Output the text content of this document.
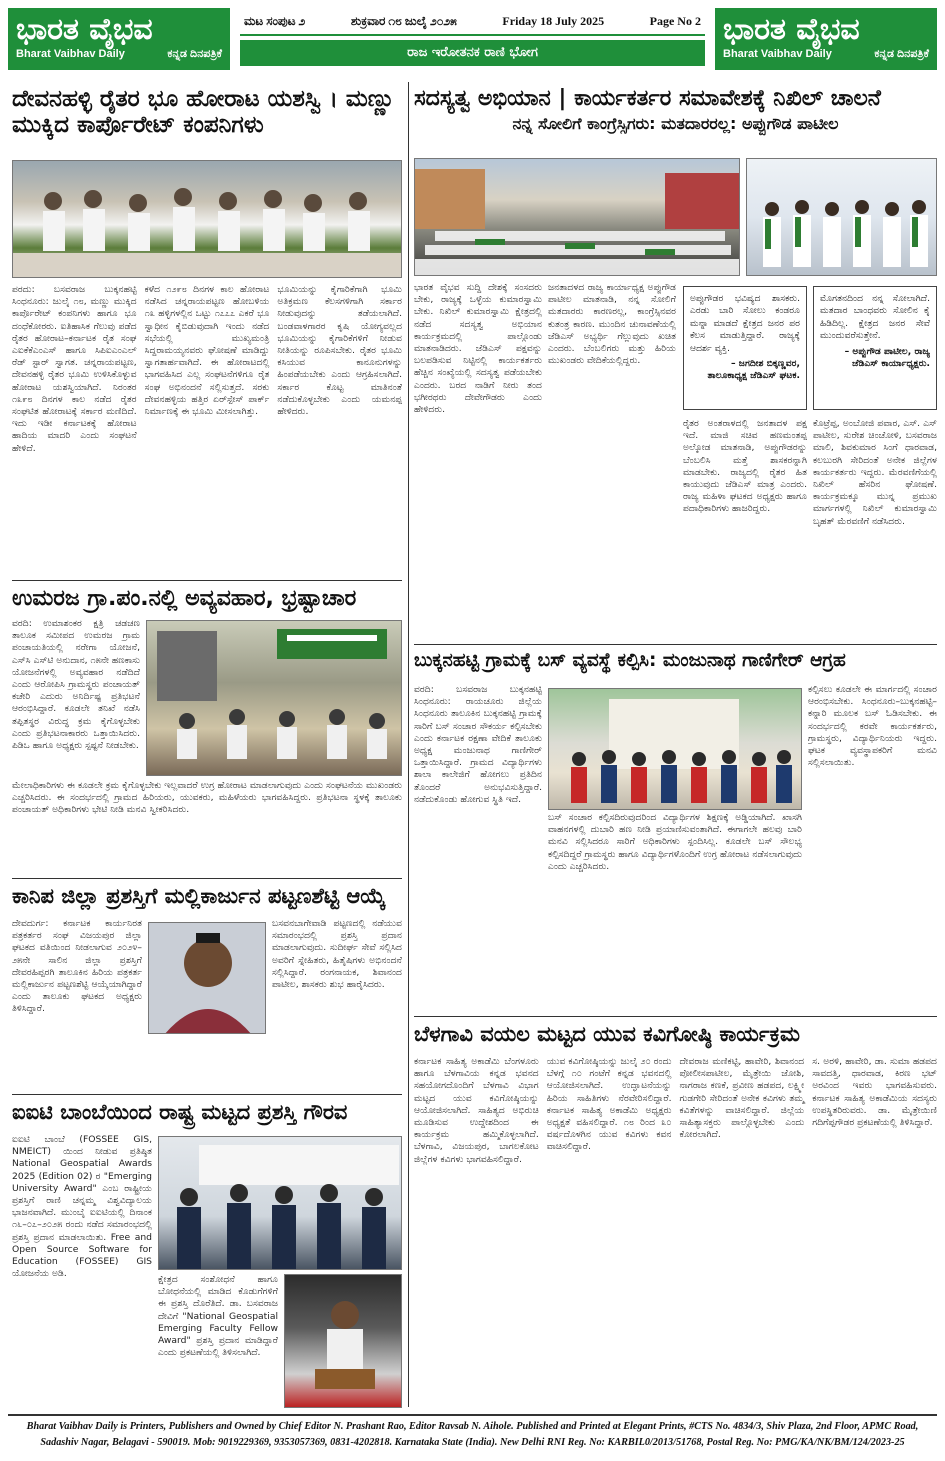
ಭಾರತ ವೈಭವ
Bharat Vaibhav Daily	ಕನ್ನಡ ದಿನಪತ್ರಿಕೆ
ಮಟ ಸಂಪುಟ ೨	ಶುಕ್ರವಾರ ೧೮ ಜುಲೈ ೨೦೨೫	Friday 18 July 2025	Page No 2
ರಾಜ ಇರೋತನಕ ರಾಣಿ ಭೋಗ
ಭಾರತ ವೈಭವ
Bharat Vaibhav Daily	ಕನ್ನಡ ದಿನಪತ್ರಿಕೆ
ದೇವನಹಳ್ಳಿ ರೈತರ ಭೂ ಹೋರಾಟ ಯಶಸ್ವಿ । ಮಣ್ಣು ಮುಕ್ಕಿದ ಕಾರ್ಪೊರೇಟ್ ಕಂಪನಿಗಳು
ಪರದು: ಬಸವರಾಜ ಬುಕ್ಕನಹಟ್ಟಿ ಸಿಂಧನೂರು: ಜುಲೈ ೧೮, ಮಣ್ಣು ಮುಕ್ಕಿದ ಕಾರ್ಪೊರೇಟ್ ಕಂಪನಿಗಳು ಹಾಗೂ ಭೂ ದಂಧೆಕೋರರು. ಐತಿಹಾಸಿಕ ಗೆಲುವು ಪಡೆದ ರೈತರ ಹೋರಾಟ–ಕರ್ನಾಟಕ ರೈತ ಸಂಘ ಎಐಕೆಕೆಎಂಎಸ್ ಹಾಗೂ ಸಿಪಿಐಎಂಎಲ್ ರೆಡ್ ಸ್ಟಾರ್ ಸ್ವಾಗತ. ಚನ್ನರಾಯಪಟ್ಟಣ, ದೇವನಹಳ್ಳಿ ರೈತರ ಭೂಮಿ ಉಳಿಸಿಕೊಳ್ಳುವ ಹೋರಾಟ ಯಶಸ್ವಿಯಾಗಿದೆ. ನಿರಂತರ ೧೩೯೮ ದಿನಗಳ ಕಾಲ ನಡೆದ ರೈತರ ಸಂಘಟಿತ ಹೋರಾಟಕ್ಕೆ ಸರ್ಕಾರ ಮಣಿದಿದೆ. ಇದು ಇಡೀ ಕರ್ನಾಟಕಕ್ಕೆ ಹೋರಾಟ ಹಾದಿಯ ಮಾದರಿ ಎಂದು ಸಂಘಟನೆ ಹೇಳಿದೆ.
ಕಳೆದ ೧೨೯೮ ದಿನಗಳ ಕಾಲ ಹೋರಾಟ ನಡೆಸಿದ ಚನ್ನರಾಯಪಟ್ಟಣ ಹೋಬಳಿಯ ೧೩ ಹಳ್ಳಿಗಳಲ್ಲಿನ ಒಟ್ಟು ೧೭೭೭ ಎಕರೆ ಭೂ ಸ್ವಾಧೀನ ಕೈಬಿಡುವುದಾಗಿ ಇಂದು ನಡೆದ ಸಭೆಯಲ್ಲಿ ಮುಖ್ಯಮಂತ್ರಿ ಸಿದ್ದರಾಮಯ್ಯನವರು ಘೋಷಣೆ ಮಾಡಿದ್ದು ಸ್ವಾಗತಾರ್ಹವಾಗಿದೆ. ಈ ಹೋರಾಟದಲ್ಲಿ ಭಾಗವಹಿಸಿದ ಎಲ್ಲ ಸಂಘಟನೆಗಳಿಗೂ ರೈತ ಸಂಘ ಅಭಿನಂದನೆ ಸಲ್ಲಿಸುತ್ತದೆ. ಸರಕು ದೇವನಹಳ್ಳಿಯ ಹತ್ತಿರ ಏರ್‌ಸ್ಪೇಸ್ ಪಾರ್ಕ್ ನಿರ್ಮಾಣಕ್ಕೆ ಈ ಭೂಮಿ ಮೀಸಲಾಗಿತ್ತು.
ಭೂಮಿಯನ್ನು ಕೈಗಾರಿಕೆಗಾಗಿ ಭೂಮಿ ಅತಿಕ್ರಮಣ ಕೆಲಸಗಳಿಗಾಗಿ ಸರ್ಕಾರ ನೀಡುವುದನ್ನು ತಡೆಯಲಾಗಿದೆ. ಬಂಡವಾಳಗಾರರ ಕೃಷಿ ಯೋಗ್ಯವಲ್ಲದ ಭೂಮಿಯನ್ನು ಕೈಗಾರಿಕೆಗಳಿಗೆ ನೀಡುವ ನೀತಿಯನ್ನು ರೂಪಿಸಬೇಕು. ರೈತರ ಭೂಮಿ ಕಸಿಯುವ ಕಾನೂನುಗಳನ್ನು ಹಿಂಪಡೆಯಬೇಕು ಎಂದು ಆಗ್ರಹಿಸಲಾಗಿದೆ. ಸರ್ಕಾರ ಕೊಟ್ಟ ಮಾತಿನಂತೆ ನಡೆದುಕೊಳ್ಳಬೇಕು ಎಂದು ಯಮನಪ್ಪ ಹೇಳಿದರು.
ಉಮರಜ ಗ್ರಾ.ಪಂ.ನಲ್ಲಿ ಅವ್ಯವಹಾರ, ಭ್ರಷ್ಟಾಚಾರ
ವರದಿ: ಉಮಾಶಂಕರ ಕ್ಷತ್ರಿ ಚಡಚಣ ತಾಲೂಕ ಸಮೀಪದ ಉಮರಜ ಗ್ರಾಮ ಪಂಚಾಯತಿಯಲ್ಲಿ ನರೇಗಾ ಯೋಜನೆ, ಎಸ್‌ಸಿ ಎಸ್‌ಟಿ ಅನುದಾನ, ೧೫ನೇ ಹಣಕಾಸು ಯೋಜನೆಗಳಲ್ಲಿ ಅವ್ಯವಹಾರ ನಡೆದಿದೆ ಎಂದು ಆರೋಪಿಸಿ ಗ್ರಾಮಸ್ಥರು ಪಂಚಾಯತ್ ಕಚೇರಿ ಎದುರು ಅನಿರ್ದಿಷ್ಟ ಪ್ರತಿಭಟನೆ ಆರಂಭಿಸಿದ್ದಾರೆ. ಕೂಡಲೇ ತನಿಖೆ ನಡೆಸಿ ತಪ್ಪಿತಸ್ಥರ ವಿರುದ್ಧ ಕ್ರಮ ಕೈಗೊಳ್ಳಬೇಕು ಎಂದು ಪ್ರತಿಭಟನಾಕಾರರು ಒತ್ತಾಯಿಸಿದರು. ಪಿಡಿಒ ಹಾಗೂ ಅಧ್ಯಕ್ಷರು ಸ್ಪಷ್ಟನೆ ನೀಡಬೇಕು.
ಮೇಲಾಧಿಕಾರಿಗಳು ಈ ಕೂಡಲೇ ಕ್ರಮ ಕೈಗೊಳ್ಳಬೇಕು ಇಲ್ಲವಾದರೆ ಉಗ್ರ ಹೋರಾಟ ಮಾಡಲಾಗುವುದು ಎಂದು ಸಂಘಟನೆಯ ಮುಖಂಡರು ಎಚ್ಚರಿಸಿದರು. ಈ ಸಂದರ್ಭದಲ್ಲಿ ಗ್ರಾಮದ ಹಿರಿಯರು, ಯುವಕರು, ಮಹಿಳೆಯರು ಭಾಗವಹಿಸಿದ್ದರು. ಪ್ರತಿಭಟನಾ ಸ್ಥಳಕ್ಕೆ ತಾಲೂಕು ಪಂಚಾಯತ್ ಅಧಿಕಾರಿಗಳು ಭೇಟಿ ನೀಡಿ ಮನವಿ ಸ್ವೀಕರಿಸಿದರು.
ಕಾನಿಪ ಜಿಲ್ಲಾ ಪ್ರಶಸ್ತಿಗೆ ಮಲ್ಲಿಕಾರ್ಜುನ ಪಟ್ಟಣಶೆಟ್ಟಿ ಆಯ್ಕೆ
ದೇವದುರ್ಗ: ಕರ್ನಾಟಕ ಕಾರ್ಯನಿರತ ಪತ್ರಕರ್ತರ ಸಂಘ ವಿಜಯಪುರ ಜಿಲ್ಲಾ ಘಟಕದ ವತಿಯಿಂದ ನೀಡಲಾಗುವ ೨೦೨೪–೨೫ನೇ ಸಾಲಿನ ಜಿಲ್ಲಾ ಪ್ರಶಸ್ತಿಗೆ ದೇವರಹಿಪ್ಪರಗಿ ತಾಲೂಕಿನ ಹಿರಿಯ ಪತ್ರಕರ್ತ ಮಲ್ಲಿಕಾರ್ಜುನ ಪಟ್ಟಣಶೆಟ್ಟಿ ಆಯ್ಕೆಯಾಗಿದ್ದಾರೆ ಎಂದು ತಾಲೂಕು ಘಟಕದ ಅಧ್ಯಕ್ಷರು ತಿಳಿಸಿದ್ದಾರೆ.
ಬಸವನಬಾಗೇವಾಡಿ ಪಟ್ಟಣದಲ್ಲಿ ನಡೆಯುವ ಸಮಾರಂಭದಲ್ಲಿ ಪ್ರಶಸ್ತಿ ಪ್ರದಾನ ಮಾಡಲಾಗುವುದು. ಸುದೀರ್ಘ ಸೇವೆ ಸಲ್ಲಿಸಿದ ಅವರಿಗೆ ಸ್ನೇಹಿತರು, ಹಿತೈಷಿಗಳು ಅಭಿನಂದನೆ ಸಲ್ಲಿಸಿದ್ದಾರೆ. ರಂಗನಾಯಕ, ಶಿವಾನಂದ ಪಾಟೀಲ, ಶಾಸಕರು ಶುಭ ಹಾರೈಸಿದರು.
ಐಐಟಿ ಬಾಂಬೆಯಿಂದ ರಾಷ್ಟ್ರ ಮಟ್ಟದ ಪ್ರಶಸ್ತಿ ಗೌರವ
ಐಐಟಿ ಬಾಂಬೆ (FOSSEE GIS, NMEICT) ಯಿಂದ ನೀಡುವ ಪ್ರತಿಷ್ಠಿತ National Geospatial Awards 2025 (Edition 02) ರ "Emerging University Award" ಎಂಬ ರಾಷ್ಟ್ರೀಯ ಪ್ರಶಸ್ತಿಗೆ ರಾಣಿ ಚನ್ನಮ್ಮ ವಿಶ್ವವಿದ್ಯಾಲಯ ಭಾಜನವಾಗಿದೆ. ಮುಂಬೈ ಐಐಟಿಯಲ್ಲಿ ದಿನಾಂಕ ೧೬–೦೭–೨೦೨೫ ರಂದು ನಡೆದ ಸಮಾರಂಭದಲ್ಲಿ ಪ್ರಶಸ್ತಿ ಪ್ರದಾನ ಮಾಡಲಾಯಿತು. Free and Open Source Software for Education (FOSSEE) GIS ಯೋಜನೆಯ ಅಡಿ.
ಕ್ಷೇತ್ರದ ಸಂಶೋಧನೆ ಹಾಗೂ ಬೋಧನೆಯಲ್ಲಿ ಮಾಡಿದ ಕೊಡುಗೆಗಳಿಗೆ ಈ ಪ್ರಶಸ್ತಿ ದೊರೆತಿದೆ. ಡಾ. ಬಸವರಾಜ ದೇವಿಗೆ "National Geospatial Emerging Faculty Fellow Award" ಪ್ರಶಸ್ತಿ ಪ್ರದಾನ ಮಾಡಿದ್ದಾರೆ ಎಂದು ಪ್ರಕಟಣೆಯಲ್ಲಿ ತಿಳಿಸಲಾಗಿದೆ.
ಸದಸ್ಯತ್ವ ಅಭಿಯಾನ | ಕಾರ್ಯಕರ್ತರ ಸಮಾವೇಶಕ್ಕೆ ನಿಖಿಲ್ ಚಾಲನೆ
ನನ್ನ ಸೋಲಿಗೆ ಕಾಂಗ್ರೆಸ್ಸಿಗರು: ಮತದಾರರಲ್ಲ: ಅಪ್ಪುಗೌಡ ಪಾಟೀಲ
ಭಾರತ ವೈಭವ ಸುದ್ದಿ ದೇಶಕ್ಕೆ ಸಂಸದರು ಬೇಕು, ರಾಜ್ಯಕ್ಕೆ ಒಳ್ಳೆಯ ಕುಮಾರಸ್ವಾಮಿ ಬೇಕು. ನಿಖಿಲ್ ಕುಮಾರಸ್ವಾಮಿ ಕ್ಷೇತ್ರದಲ್ಲಿ ನಡೆದ ಸದಸ್ಯತ್ವ ಅಭಿಯಾನ ಕಾರ್ಯಕ್ರಮದಲ್ಲಿ ಪಾಲ್ಗೊಂಡು ಮಾತನಾಡಿದರು. ಜೆಡಿಎಸ್ ಪಕ್ಷವನ್ನು ಬಲಪಡಿಸುವ ನಿಟ್ಟಿನಲ್ಲಿ ಕಾರ್ಯಕರ್ತರು ಹೆಚ್ಚಿನ ಸಂಖ್ಯೆಯಲ್ಲಿ ಸದಸ್ಯತ್ವ ಪಡೆಯಬೇಕು ಎಂದರು. ಬರದ ನಾಡಿಗೆ ನೀರು ತಂದ ಭಗೀರಥರು ದೇವೇಗೌಡರು ಎಂದು ಹೇಳಿದರು.
ಜನತಾದಳದ ರಾಜ್ಯ ಕಾರ್ಯಾಧ್ಯಕ್ಷ ಅಪ್ಪುಗೌಡ ಪಾಟೀಲ ಮಾತನಾಡಿ, ನನ್ನ ಸೋಲಿಗೆ ಮತದಾರರು ಕಾರಣರಲ್ಲ, ಕಾಂಗ್ರೆಸ್ಸಿನವರ ಕುತಂತ್ರ ಕಾರಣ. ಮುಂದಿನ ಚುನಾವಣೆಯಲ್ಲಿ ಜೆಡಿಎಸ್ ಅಭ್ಯರ್ಥಿ ಗೆಲ್ಲುವುದು ಖಚಿತ ಎಂದರು. ಬೆಂಬಲಿಗರು ಮತ್ತು ಹಿರಿಯ ಮುಖಂಡರು ವೇದಿಕೆಯಲ್ಲಿದ್ದರು.
ಅಪ್ಪುಗೌಡರ ಭವಿಷ್ಯದ ಶಾಸಕರು. ಎರಡು ಬಾರಿ ಸೋಲು ಕಂಡರೂ ಮನ್ನಾ ಮಾಡದೆ ಕ್ಷೇತ್ರದ ಜನರ ಪರ ಕೆಲಸ ಮಾಡುತ್ತಿದ್ದಾರೆ. ರಾಜ್ಯಕ್ಕೆ ಆದರ್ಶ ವ್ಯಕ್ತಿ.
– ಜಗದೀಶ ಬಿಕ್ಕಣ್ಣವರ, ತಾಲೂಕಾಧ್ಯಕ್ಷ ಜೆಡಿಎಸ್ ಘಟಕ.
ಮೊಗತನದಿಂದ ನನ್ನ ಸೋಲಾಗಿದೆ. ಮತದಾರ ಬಾಂಧವರು ಸೋಲಿನ ಕೈ ಹಿಡಿದಿಲ್ಲ. ಕ್ಷೇತ್ರದ ಜನರ ಸೇವೆ ಮುಂದುವರೆಸುತ್ತೇನೆ.
– ಅಪ್ಪುಗೌಡ ಪಾಟೀಲ, ರಾಜ್ಯ ಜೆಡಿಎಸ್ ಕಾರ್ಯಾಧ್ಯಕ್ಷರು.
ರೈತರ ಅಂತರಾಳದಲ್ಲಿ ಜನತಾದಳ ಪಕ್ಷ ಇದೆ. ಮಾಜಿ ಸಚಿವ ಹಣಮಂತಪ್ಪ ಅಲ್ಕೋಡ ಮಾತನಾಡಿ, ಅಪ್ಪುಗೌಡರನ್ನು ಬೆಂಬಲಿಸಿ ಮತ್ತೆ ಶಾಸಕರನ್ನಾಗಿ ಮಾಡಬೇಕು. ರಾಜ್ಯದಲ್ಲಿ ರೈತರ ಹಿತ ಕಾಯುವುದು ಜೆಡಿಎಸ್ ಮಾತ್ರ ಎಂದರು. ರಾಜ್ಯ ಮಹಿಳಾ ಘಟಕದ ಅಧ್ಯಕ್ಷರು ಹಾಗೂ ಪದಾಧಿಕಾರಿಗಳು ಹಾಜರಿದ್ದರು.
ಕೊಟ್ರೆಪ್ಪ, ಅಂಬೋಜಿ ಪವಾರ, ಎಸ್. ಎಸ್ ಪಾಟೀಲ, ಸುರೇಶ ಚಿಂಚೋಳಿ, ಬಸವರಾಜ ಮಾಲಿ, ಶಿವಕುಮಾರ ಸಿಂಗೆ ಧಾರವಾಡ, ಕಲಬುರಗಿ ಸೇರಿದಂತೆ ಅನೇಕ ಜಿಲ್ಲೆಗಳ ಕಾರ್ಯಕರ್ತರು ಇದ್ದರು. ಮೆರವಣಿಗೆಯಲ್ಲಿ ನಿಖಿಲ್ ಹೆಸರಿನ ಘೋಷಣೆ. ಕಾರ್ಯಕ್ರಮಕ್ಕೂ ಮುನ್ನ ಪ್ರಮುಖ ಮಾರ್ಗಗಳಲ್ಲಿ ನಿಖಿಲ್ ಕುಮಾರಸ್ವಾಮಿ ಬೃಹತ್ ಮೆರವಣಿಗೆ ನಡೆಸಿದರು.
ಬುಕ್ಕನಹಟ್ಟಿ ಗ್ರಾಮಕ್ಕೆ ಬಸ್ ವ್ಯವಸ್ಥೆ ಕಲ್ಪಿಸಿ: ಮಂಜುನಾಥ ಗಾಣಿಗೇರ್ ಆಗ್ರಹ
ವರದಿ: ಬಸವರಾಜ ಬುಕ್ಕನಹಟ್ಟಿ ಸಿಂಧನೂರು: ರಾಯಚೂರು ಜಿಲ್ಲೆಯ ಸಿಂಧನೂರು ತಾಲೂಕಿನ ಬುಕ್ಕನಹಟ್ಟಿ ಗ್ರಾಮಕ್ಕೆ ಸಾರಿಗೆ ಬಸ್ ಸಂಚಾರ ಸೌಕರ್ಯ ಕಲ್ಪಿಸಬೇಕು ಎಂದು ಕರ್ನಾಟಕ ರಕ್ಷಣಾ ವೇದಿಕೆ ತಾಲೂಕು ಅಧ್ಯಕ್ಷ ಮಂಜುನಾಥ ಗಾಣಿಗೇರ್ ಒತ್ತಾಯಿಸಿದ್ದಾರೆ. ಗ್ರಾಮದ ವಿದ್ಯಾರ್ಥಿಗಳು ಶಾಲಾ ಕಾಲೇಜಿಗೆ ಹೋಗಲು ಪ್ರತಿದಿನ ತೊಂದರೆ ಅನುಭವಿಸುತ್ತಿದ್ದಾರೆ. ನಡೆದುಕೊಂಡು ಹೋಗುವ ಸ್ಥಿತಿ ಇದೆ.
ಬಸ್ ಸಂಚಾರ ಕಲ್ಪಿಸದಿರುವುದರಿಂದ ವಿದ್ಯಾರ್ಥಿಗಳ ಶಿಕ್ಷಣಕ್ಕೆ ಅಡ್ಡಿಯಾಗಿದೆ. ಖಾಸಗಿ ವಾಹನಗಳಲ್ಲಿ ದುಬಾರಿ ಹಣ ನೀಡಿ ಪ್ರಯಾಣಿಸುವಂತಾಗಿದೆ. ಈಗಾಗಲೇ ಹಲವು ಬಾರಿ ಮನವಿ ಸಲ್ಲಿಸಿದರೂ ಸಾರಿಗೆ ಅಧಿಕಾರಿಗಳು ಸ್ಪಂದಿಸಿಲ್ಲ. ಕೂಡಲೇ ಬಸ್ ಸೌಲಭ್ಯ ಕಲ್ಪಿಸದಿದ್ದರೆ ಗ್ರಾಮಸ್ಥರು ಹಾಗೂ ವಿದ್ಯಾರ್ಥಿಗಳೊಂದಿಗೆ ಉಗ್ರ ಹೋರಾಟ ನಡೆಸಲಾಗುವುದು ಎಂದು ಎಚ್ಚರಿಸಿದರು.
ಕಲ್ಪಿಸಲು ಕೂಡಲೇ ಈ ಮಾರ್ಗದಲ್ಲಿ ಸಂಚಾರ ಆರಂಭಿಸಬೇಕು. ಸಿಂಧನೂರು–ಬುಕ್ಕನಹಟ್ಟಿ–ಕನ್ನಾರಿ ಮೂಲಕ ಬಸ್ ಓಡಿಸಬೇಕು. ಈ ಸಂದರ್ಭದಲ್ಲಿ ಕರವೇ ಕಾರ್ಯಕರ್ತರು, ಗ್ರಾಮಸ್ಥರು, ವಿದ್ಯಾರ್ಥಿನಿಯರು ಇದ್ದರು. ಘಟಕ ವ್ಯವಸ್ಥಾಪಕರಿಗೆ ಮನವಿ ಸಲ್ಲಿಸಲಾಯಿತು.
ಬೆಳಗಾವಿ ವಯಲ ಮಟ್ಟದ ಯುವ ಕವಿಗೋಷ್ಠಿ ಕಾರ್ಯಕ್ರಮ
ಕರ್ನಾಟಕ ಸಾಹಿತ್ಯ ಅಕಾಡೆಮಿ ಬೆಂಗಳೂರು ಹಾಗೂ ಬೆಳಗಾವಿಯ ಕನ್ನಡ ಭವನದ ಸಹಯೋಗದೊಂದಿಗೆ ಬೆಳಗಾವಿ ವಿಭಾಗ ಮಟ್ಟದ ಯುವ ಕವಿಗೋಷ್ಠಿಯನ್ನು ಆಯೋಜಿಸಲಾಗಿದೆ. ಸಾಹಿತ್ಯದ ಅಭಿರುಚಿ ಮೂಡಿಸುವ ಉದ್ದೇಶದಿಂದ ಈ ಕಾರ್ಯಕ್ರಮ ಹಮ್ಮಿಕೊಳ್ಳಲಾಗಿದೆ. ಬೆಳಗಾವಿ, ವಿಜಯಪುರ, ಬಾಗಲಕೋಟ ಜಿಲ್ಲೆಗಳ ಕವಿಗಳು ಭಾಗವಹಿಸಲಿದ್ದಾರೆ.
ಯುವ ಕವಿಗೋಷ್ಠಿಯನ್ನು ಜುಲೈ ೨೦ ರಂದು ಬೆಳಗ್ಗೆ ೧೦ ಗಂಟೆಗೆ ಕನ್ನಡ ಭವನದಲ್ಲಿ ಆಯೋಜಿಸಲಾಗಿದೆ. ಉದ್ಘಾಟನೆಯನ್ನು ಹಿರಿಯ ಸಾಹಿತಿಗಳು ನೆರವೇರಿಸಲಿದ್ದಾರೆ. ಕರ್ನಾಟಕ ಸಾಹಿತ್ಯ ಅಕಾಡೆಮಿ ಅಧ್ಯಕ್ಷರು ಅಧ್ಯಕ್ಷತೆ ವಹಿಸಲಿದ್ದಾರೆ. ೧೮ ರಿಂದ ೩೦ ವರ್ಷದೊಳಗಿನ ಯುವ ಕವಿಗಳು ಕವನ ವಾಚಿಸಲಿದ್ದಾರೆ.
ದೇವರಾಜ ಮಣಿಕಟ್ಟಿ, ಹಾವೇರಿ, ಶಿವಾನಂದ ಪೋಲೀಸಪಾಟೀಲ, ಮೈತ್ರೇಯಿ ಜೋಶಿ, ನಾಗರಾಜ ಕಣಕೆ, ಪ್ರವೀಣ ಹಡಪದ, ಲಕ್ಷ್ಮೀ ಗುಡಗೇರಿ ಸೇರಿದಂತೆ ಅನೇಕ ಕವಿಗಳು ತಮ್ಮ ಕವಿತೆಗಳನ್ನು ವಾಚಿಸಲಿದ್ದಾರೆ. ಜಿಲ್ಲೆಯ ಸಾಹಿತ್ಯಾಸಕ್ತರು ಪಾಲ್ಗೊಳ್ಳಬೇಕು ಎಂದು ಕೋರಲಾಗಿದೆ.
ಸ. ಅರಳಿ, ಹಾವೇರಿ, ಡಾ. ಸುಮಾ ಹಡಪದ ಸಾವದತ್ತಿ, ಧಾರವಾಡ, ಕಿರಣ ಭಟ್ ಅರವಿಂದ ಇವರು ಭಾಗವಹಿಸುವರು. ಕರ್ನಾಟಕ ಸಾಹಿತ್ಯ ಅಕಾಡೆಮಿಯ ಸದಸ್ಯರು ಉಪಸ್ಥಿತರಿರುವರು. ಡಾ. ಮೈತ್ರೇಯಿಣಿ ಗದಿಗೆಪ್ಪಗೌಡರ ಪ್ರಕಟಣೆಯಲ್ಲಿ ತಿಳಿಸಿದ್ದಾರೆ.
Bharat Vaibhav Daily is Printers, Publishers and Owned by Chief Editor N. Prashant Rao, Editor Ravsab N. Aihole. Published and Printed at Elegant Prints, #CTS No. 4834/3, Shiv Plaza, 2nd Floor, APMC Road,
Sadashiv Nagar, Belagavi - 590019. Mob: 9019229369, 9353057369, 0831-4202818. Karnataka State (India). New Delhi RNI Reg. No: KARBIL0/2013/51768, Postal Reg. No: PMG/KA/NK/BM/124/2023-25
